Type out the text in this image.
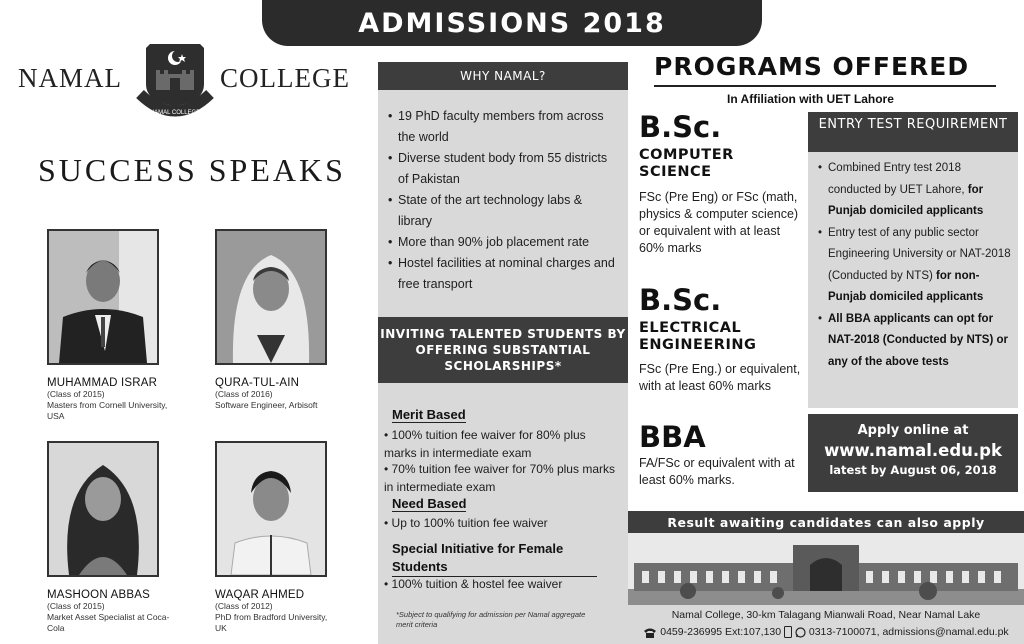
ADMISSIONS 2018
NAMAL
NAMAL COLLEGE
COLLEGE
SUCCESS SPEAKS
MUHAMMAD ISRAR
(Class of 2015)
Masters from Cornell University, USA
QURA-TUL-AIN
(Class of 2016)
Software Engineer, Arbisoft
MASHOON ABBAS
(Class of 2015)
Market Asset Specialist at Coca-Cola
WAQAR AHMED
(Class of 2012)
PhD from Bradford University, UK
WHY NAMAL?
• 19 PhD faculty members from across the world
• Diverse student body from 55 districts of Pakistan
• State of the art technology labs & library
• More than 90% job placement rate
• Hostel facilities at nominal charges and free transport
INVITING TALENTED STUDENTS BY OFFERING SUBSTANTIAL SCHOLARSHIPS*
Merit Based
• 100% tuition fee waiver for 80% plus marks in intermediate exam
• 70% tuition fee waiver for 70% plus marks in intermediate exam
Need Based
• Up to 100% tuition fee waiver
Special Initiative for Female Students
• 100% tuition & hostel fee waiver
*Subject to qualifying for admission per Namal aggregate merit criteria
PROGRAMS OFFERED
In Affiliation with UET Lahore
B.Sc.
COMPUTER SCIENCE
FSc (Pre Eng) or FSc (math, physics & computer science) or equivalent with at least 60% marks
B.Sc.
ELECTRICAL ENGINEERING
FSc (Pre Eng.) or equivalent, with at least 60% marks
BBA
FA/FSc or equivalent with at least 60% marks.
ENTRY TEST REQUIREMENT
• Combined Entry test 2018 conducted by UET Lahore, for Punjab domiciled applicants
• Entry test of any public sector Engineering University or NAT-2018 (Conducted by NTS) for non-Punjab domiciled applicants
• All BBA applicants can opt for NAT-2018 (Conducted by NTS) or any of the above tests
Apply online at
www.namal.edu.pk
latest by August 06, 2018
Result awaiting candidates can also apply
Namal College, 30-km Talagang Mianwali Road, Near Namal Lake
0459-236995 Ext:107,130	0313-7100071, admissions@namal.edu.pk
